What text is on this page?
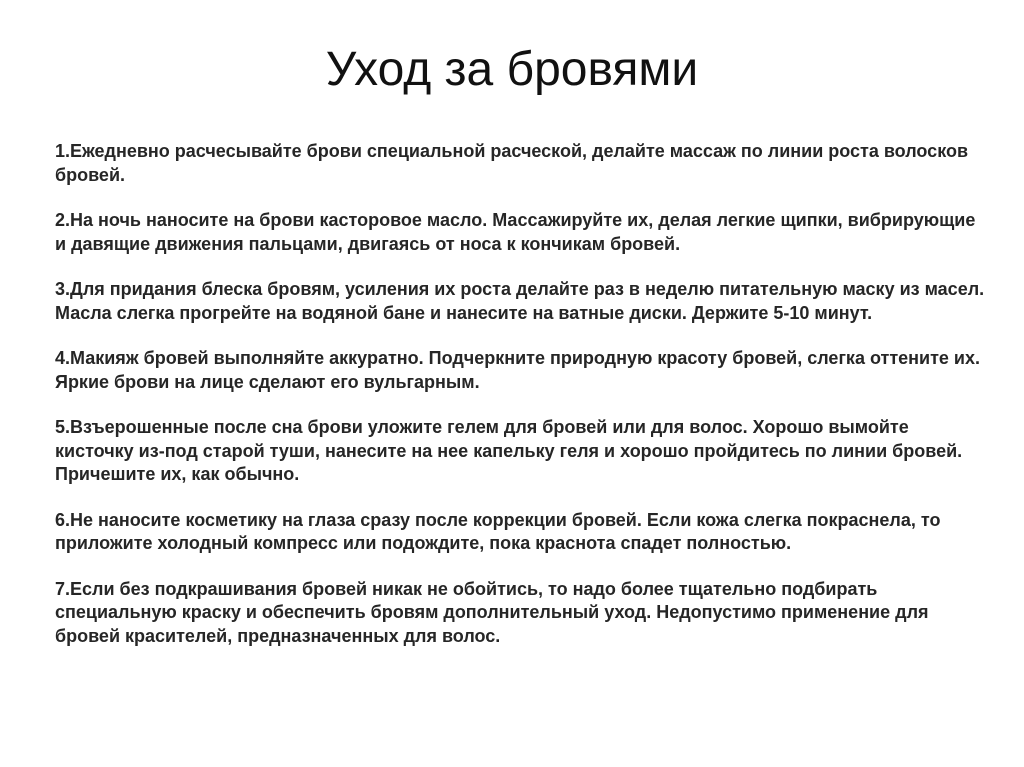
Уход за бровями
1.Ежедневно расчесывайте брови специальной расческой, делайте массаж по линии роста волосков бровей.
2.На ночь наносите на брови касторовое масло. Массажируйте их, делая легкие щипки, вибрирующие и давящие движения пальцами, двигаясь от носа к кончикам бровей.
3.Для придания блеска бровям, усиления их роста делайте раз в неделю питательную маску из масел. Масла слегка прогрейте на водяной бане и нанесите на ватные диски. Держите 5-10 минут.
4.Макияж бровей выполняйте аккуратно. Подчеркните природную красоту бровей, слегка оттените их. Яркие брови на лице сделают его вульгарным.
5.Взъерошенные после сна брови уложите гелем для бровей или для волос. Хорошо вымойте кисточку из-под старой туши, нанесите на нее капельку геля и хорошо пройдитесь по линии бровей. Причешите их, как обычно.
6.Не наносите косметику на глаза сразу после коррекции бровей. Если кожа слегка покраснела, то приложите холодный компресс или подождите, пока краснота спадет полностью.
7.Если без подкрашивания бровей никак не обойтись, то надо более тщательно подбирать специальную краску и обеспечить бровям дополнительный уход. Недопустимо применение для бровей красителей, предназначенных для волос.
